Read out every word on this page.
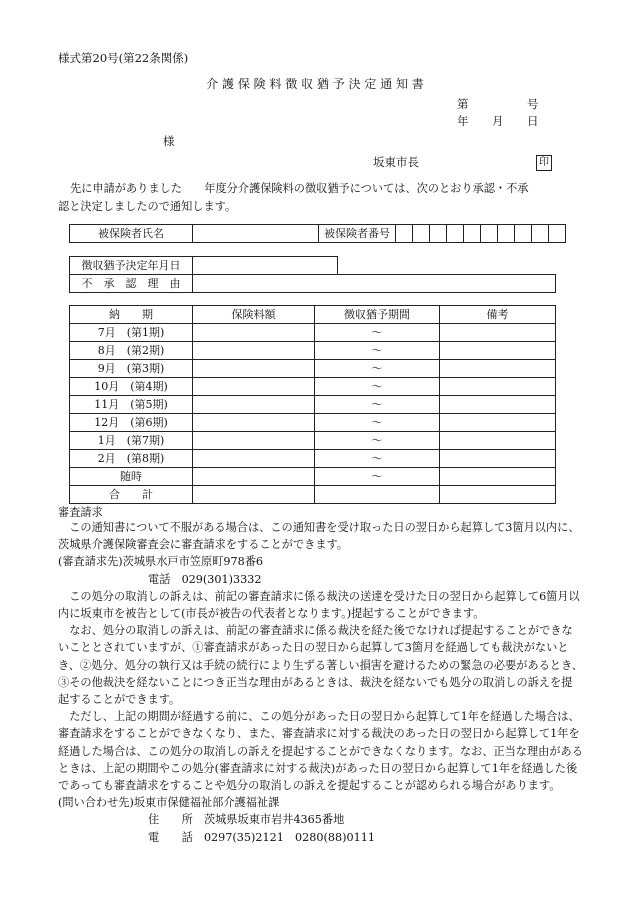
様式第20号(第22条関係)
介 護 保 険 料 徴 収 猶 予 決 定 通 知 書
第	号
年 月 日
様
坂東市長	印
先に申請がありました　　年度分介護保険料の徴収猶予については、次のとおり承認・不承
認と決定しましたので通知します。
被保険者氏名		被保険者番号										
徴収猶予決定年月日		
不　承　認　理　由		
納　　期	保険料額	徴収猶予期間	備考
7月　(第1期)		～	
8月　(第2期)		～	
9月　(第3期)		～	
10月　(第4期)		～	
11月　(第5期)		～	
12月　(第6期)		～	
1月　(第7期)		～	
2月　(第8期)		～	
随時		～	
合　　計			
審査請求

この通知書について不服がある場合は、この通知書を受け取った日の翌日から起算して3箇月以内に、茨城県介護保険審査会に審査請求をすることができます。

(審査請求先)茨城県水戸市笠原町978番6

電話　029(301)3332

この処分の取消しの訴えは、前記の審査請求に係る裁決の送達を受けた日の翌日から起算して6箇月以内に坂東市を被告として(市長が被告の代表者となります。)提起することができます。

なお、処分の取消しの訴えは、前記の審査請求に係る裁決を経た後でなければ提起することができないこととされていますが、①審査請求があった日の翌日から起算して3箇月を経過しても裁決がないとき、②処分、処分の執行又は手続の続行により生ずる著しい損害を避けるための緊急の必要があるとき、③その他裁決を経ないことにつき正当な理由があるときは、裁決を経ないでも処分の取消しの訴えを提起することができます。

ただし、上記の期間が経過する前に、この処分があった日の翌日から起算して1年を経過した場合は、審査請求をすることができなくなり、また、審査請求に対する裁決のあった日の翌日から起算して1年を経過した場合は、この処分の取消しの訴えを提起することができなくなります。なお、正当な理由があるときは、上記の期間やこの処分(審査請求に対する裁決)があった日の翌日から起算して1年を経過した後であっても審査請求をすることや処分の取消しの訴えを提起することが認められる場合があります。

(問い合わせ先)坂東市保健福祉部介護福祉課

住　　所　茨城県坂東市岩井4365番地

電　　話　0297(35)2121　0280(88)0111
